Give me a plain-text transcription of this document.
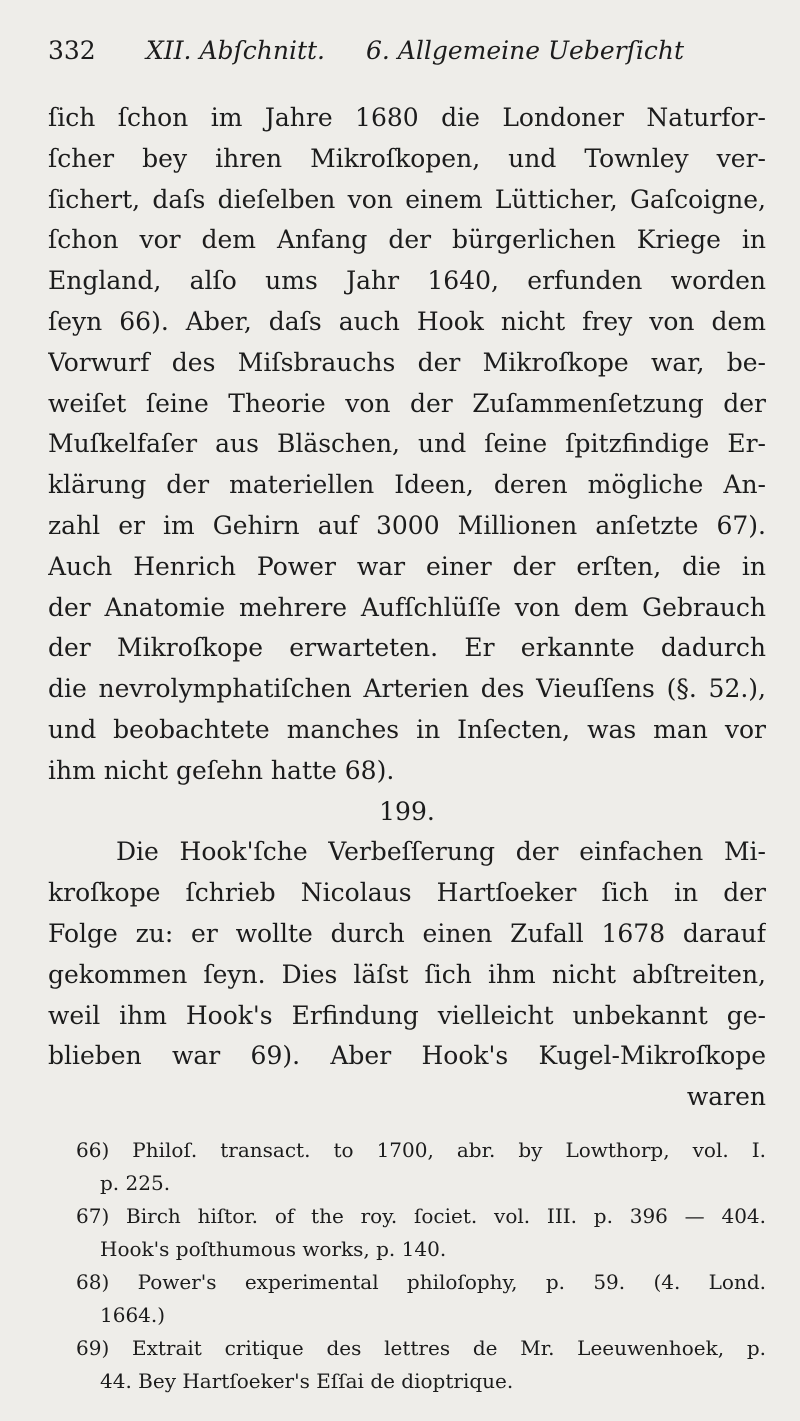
332 XII. Abſchnitt. 6. Allgemeine Ueberſicht
ſich ſchon im Jahre 1680 die Londoner Naturfor-
ſcher bey ihren Mikroſkopen, und Townley ver-
ſichert, daſs dieſelben von einem Lütticher, Gaſcoigne,
ſchon vor dem Anfang der bürgerlichen Kriege in
England, alſo ums Jahr 1640, erfunden worden
ſeyn 66). Aber, daſs auch Hook nicht frey von dem
Vorwurf des Miſsbrauchs der Mikroſkope war, be-
weiſet ſeine Theorie von der Zuſammenſetzung der
Muſkelfaſer aus Bläschen, und ſeine ſpitzfindige Er-
klärung der materiellen Ideen, deren mögliche An-
zahl er im Gehirn auf 3000 Millionen anſetzte 67).
Auch Henrich Power war einer der erſten, die in
der Anatomie mehrere Aufſchlüſſe von dem Gebrauch
der Mikroſkope erwarteten. Er erkannte dadurch
die nevrolymphatiſchen Arterien des Vieuſſens (§. 52.),
und beobachtete manches in Inſecten, was man vor
ihm nicht geſehn hatte 68).
199.
Die Hook'ſche Verbeſſerung der einfachen Mi-
kroſkope ſchrieb Nicolaus Hartſoeker ſich in der
Folge zu: er wollte durch einen Zufall 1678 darauf
gekommen ſeyn. Dies läſst ſich ihm nicht abſtreiten,
weil ihm Hook's Erfindung vielleicht unbekannt ge-
blieben war 69). Aber Hook's Kugel-Mikroſkope
waren
66) Philoſ. transact. to 1700, abr. by Lowthorp, vol. I.
p. 225.
67) Birch hiſtor. of the roy. ſociet. vol. III. p. 396 — 404.
Hook's poſthumous works, p. 140.
68) Power's experimental philoſophy, p. 59. (4. Lond.
1664.)
69) Extrait critique des lettres de Mr. Leeuwenhoek, p.
44. Bey Hartſoeker's Eſſai de dioptrique.
